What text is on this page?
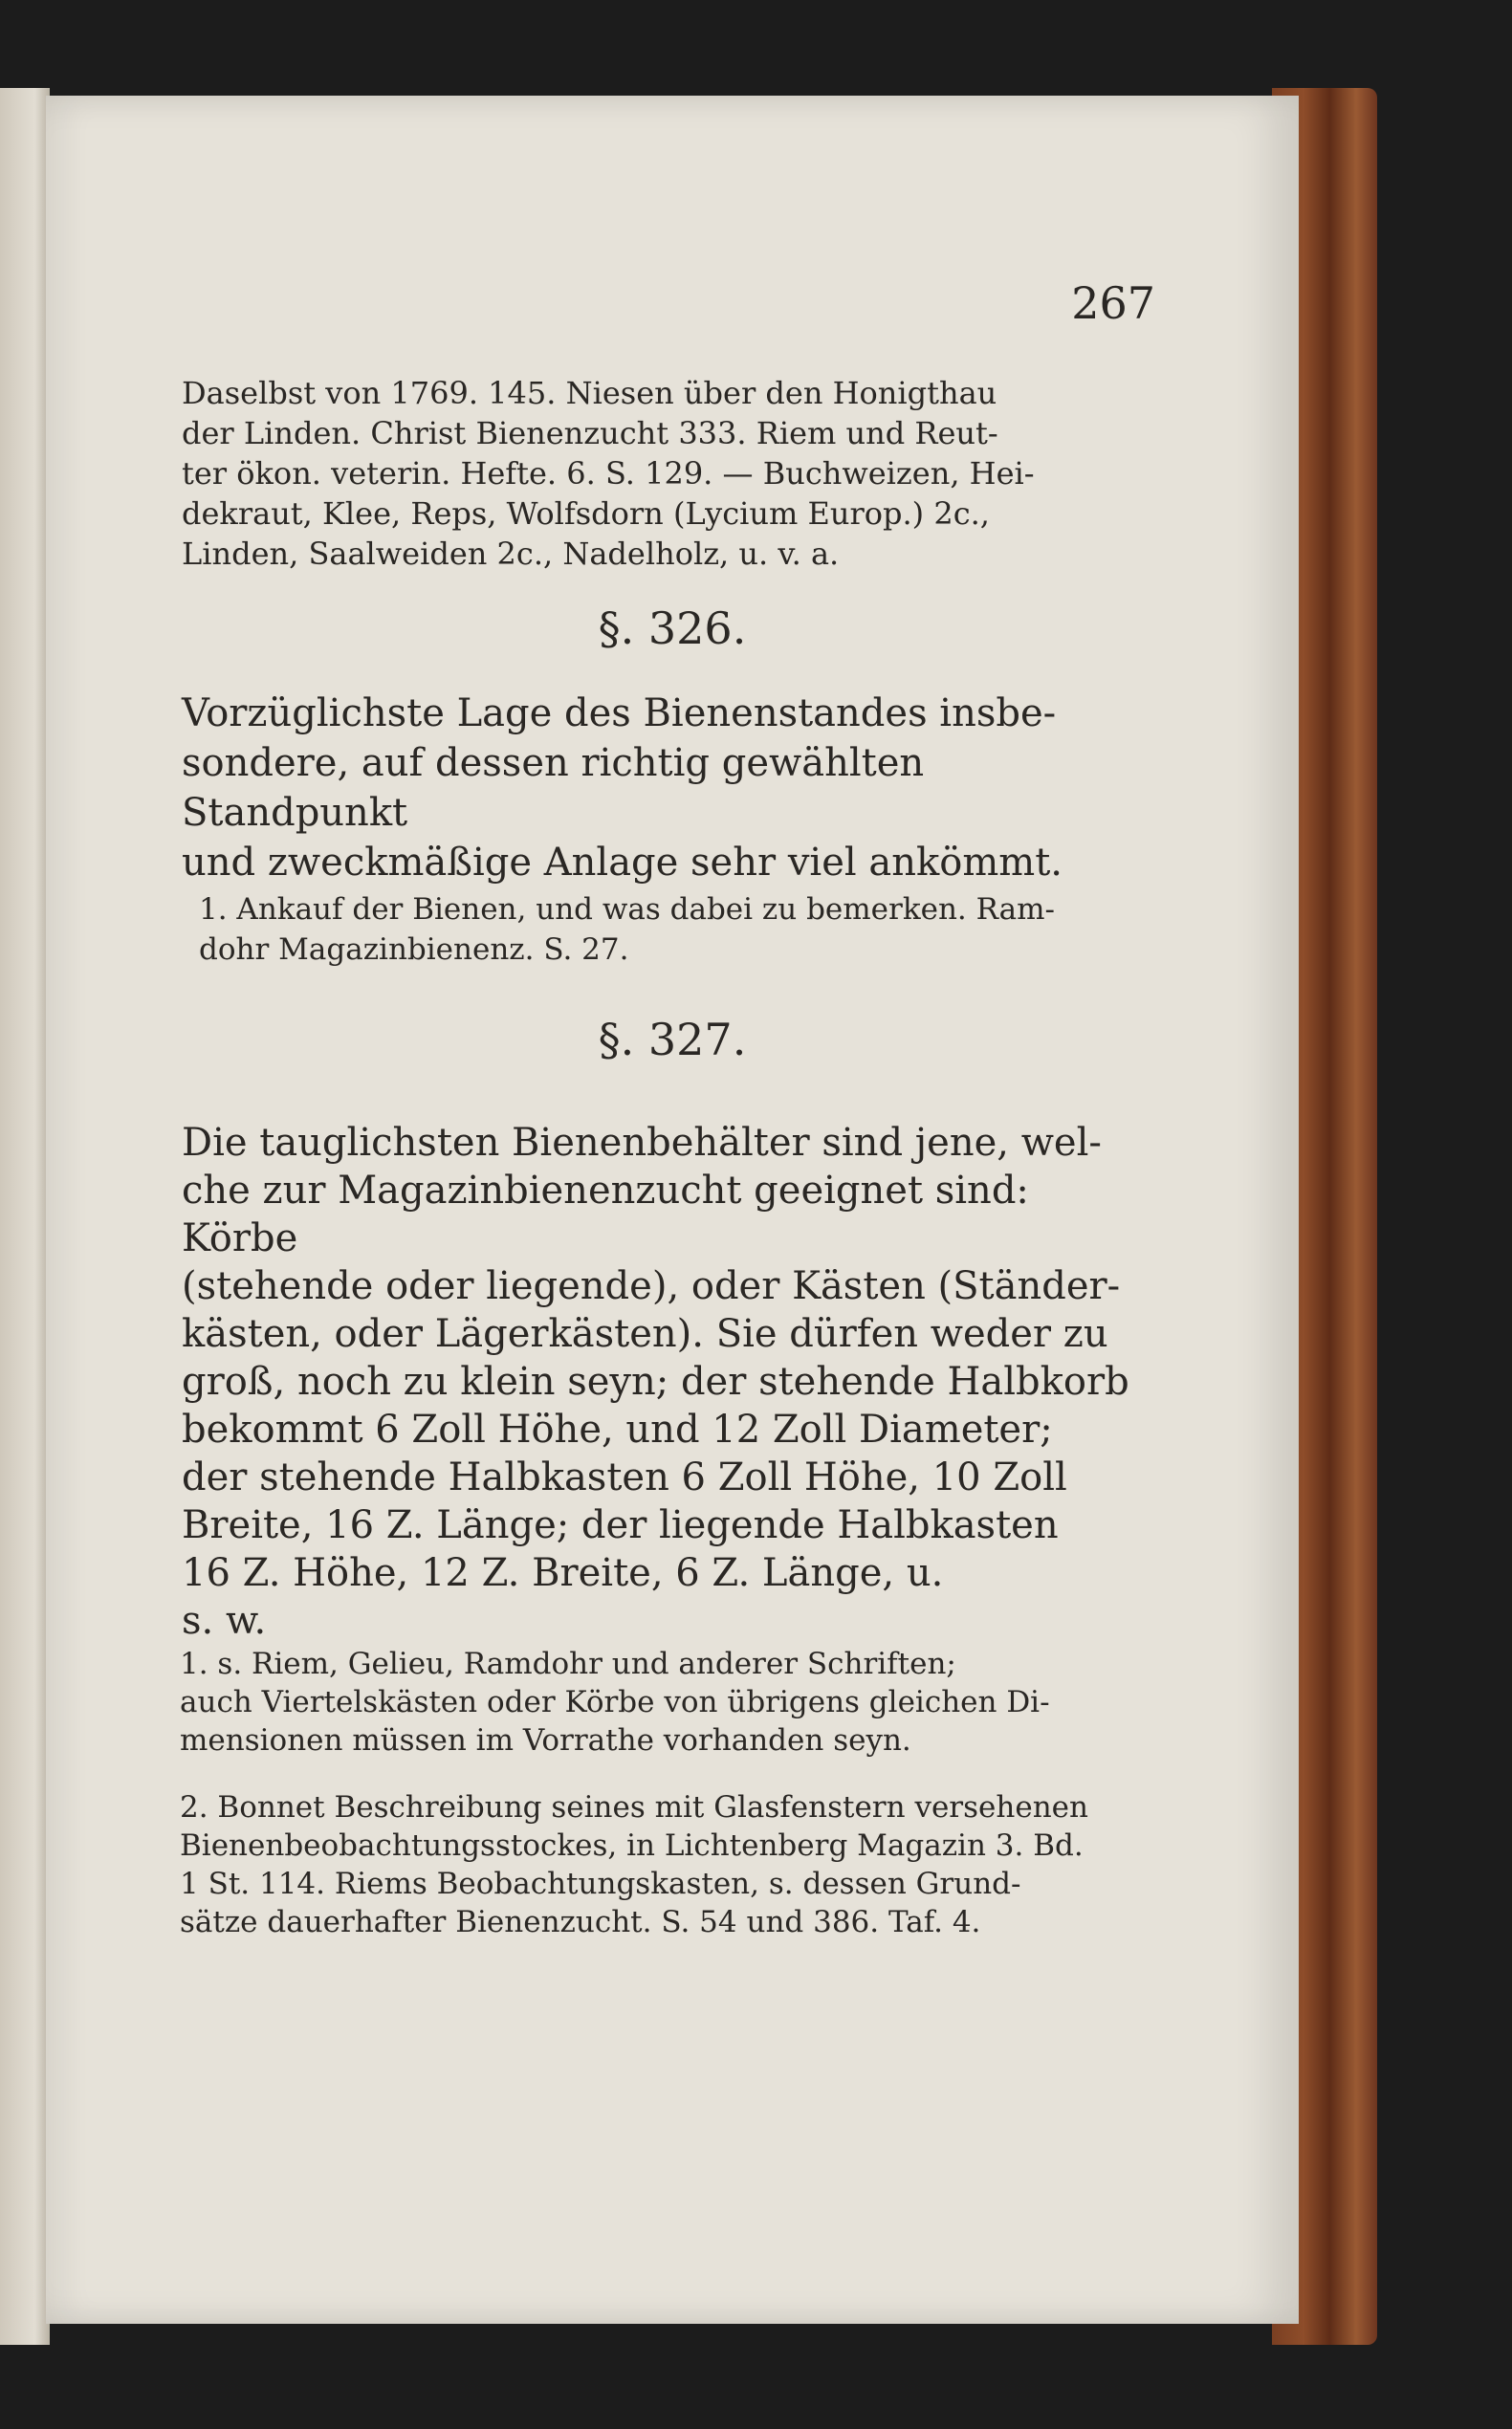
267
Daselbst von 1769. 145. Niesen über den Honigthau
der Linden. Christ Bienenzucht 333. Riem und Reut-
ter ökon. veterin. Hefte. 6. S. 129. — Buchweizen, Hei-
dekraut, Klee, Reps, Wolfsdorn (Lycium Europ.) 2c.,
Linden, Saalweiden 2c., Nadelholz, u. v. a.
§. 326.
Vorzüglichste Lage des Bienenstandes insbe-
sondere, auf dessen richtig gewählten Standpunkt
und zweckmäßige Anlage sehr viel ankömmt.
1. Ankauf der Bienen, und was dabei zu bemerken. Ram-
dohr Magazinbienenz. S. 27.
§. 327.
Die tauglichsten Bienenbehälter sind jene, wel-
che zur Magazinbienenzucht geeignet sind: Körbe
(stehende oder liegende), oder Kästen (Ständer-
kästen, oder Lägerkästen). Sie dürfen weder zu
groß, noch zu klein seyn; der stehende Halbkorb
bekommt 6 Zoll Höhe, und 12 Zoll Diameter;
der stehende Halbkasten 6 Zoll Höhe, 10 Zoll
Breite, 16 Z. Länge; der liegende Halbkasten
16 Z. Höhe, 12 Z. Breite, 6 Z. Länge, u.
s. w.
1. s. Riem, Gelieu, Ramdohr und anderer Schriften;
auch Viertelskästen oder Körbe von übrigens gleichen Di-
mensionen müssen im Vorrathe vorhanden seyn.
2. Bonnet Beschreibung seines mit Glasfenstern versehenen
Bienenbeobachtungsstockes, in Lichtenberg Magazin 3. Bd.
1 St. 114. Riems Beobachtungskasten, s. dessen Grund-
sätze dauerhafter Bienenzucht. S. 54 und 386. Taf. 4.
